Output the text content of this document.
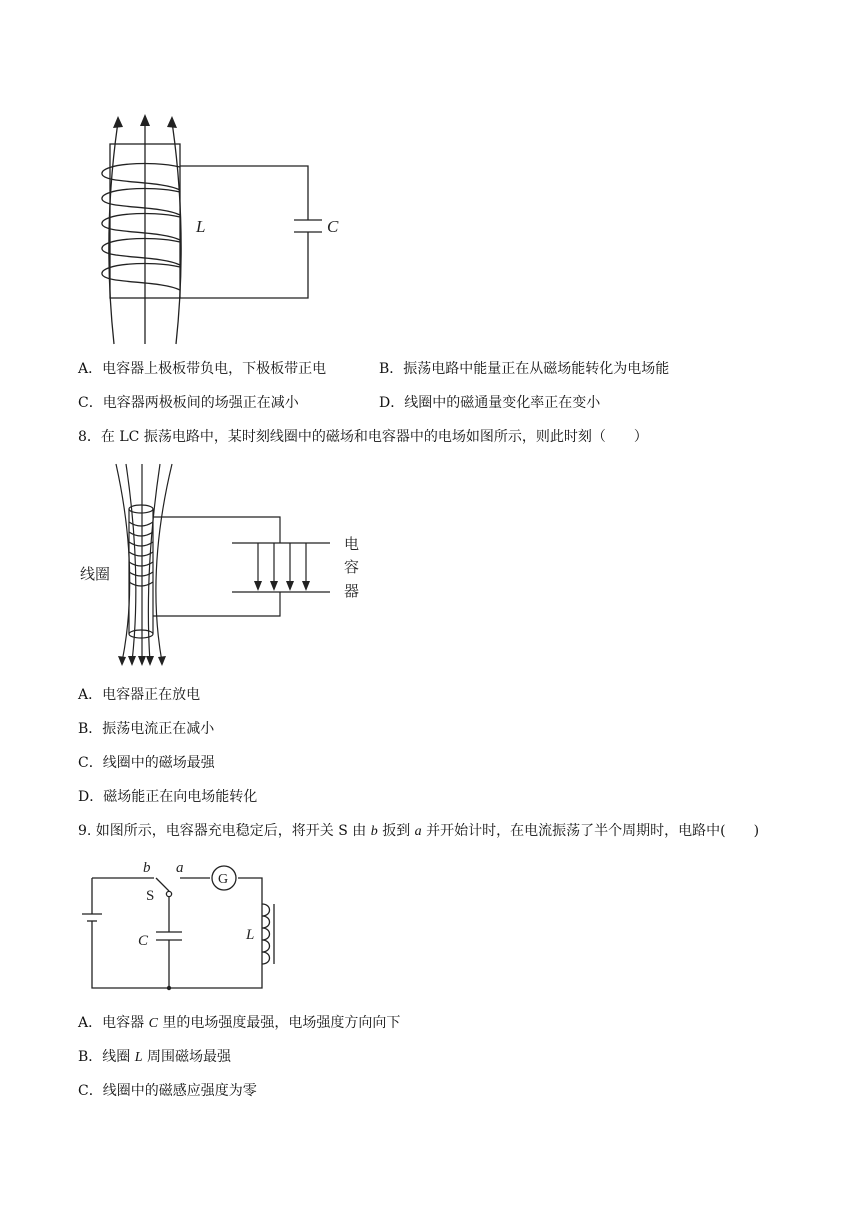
L	C
A．电容器上极板带负电，下极板带正电	B．振荡电路中能量正在从磁场能转化为电场能
C．电容器两极板间的场强正在减小	D．线圈中的磁通量变化率正在变小
8．在 LC 振荡电路中，某时刻线圈中的磁场和电容器中的电场如图所示，则此时刻（　　）
线圈
电
容
器
A．电容器正在放电
B．振荡电流正在减小
C．线圈中的磁场最强
D．磁场能正在向电场能转化
9. 如图所示，电容器充电稳定后，将开关 S 由 b 扳到 a 并开始计时，在电流振荡了半个周期时，电路中(　　)
b a
S
G
C	L
A．电容器 C 里的电场强度最强，电场强度方向向下
B．线圈 L 周围磁场最强
C．线圈中的磁感应强度为零
